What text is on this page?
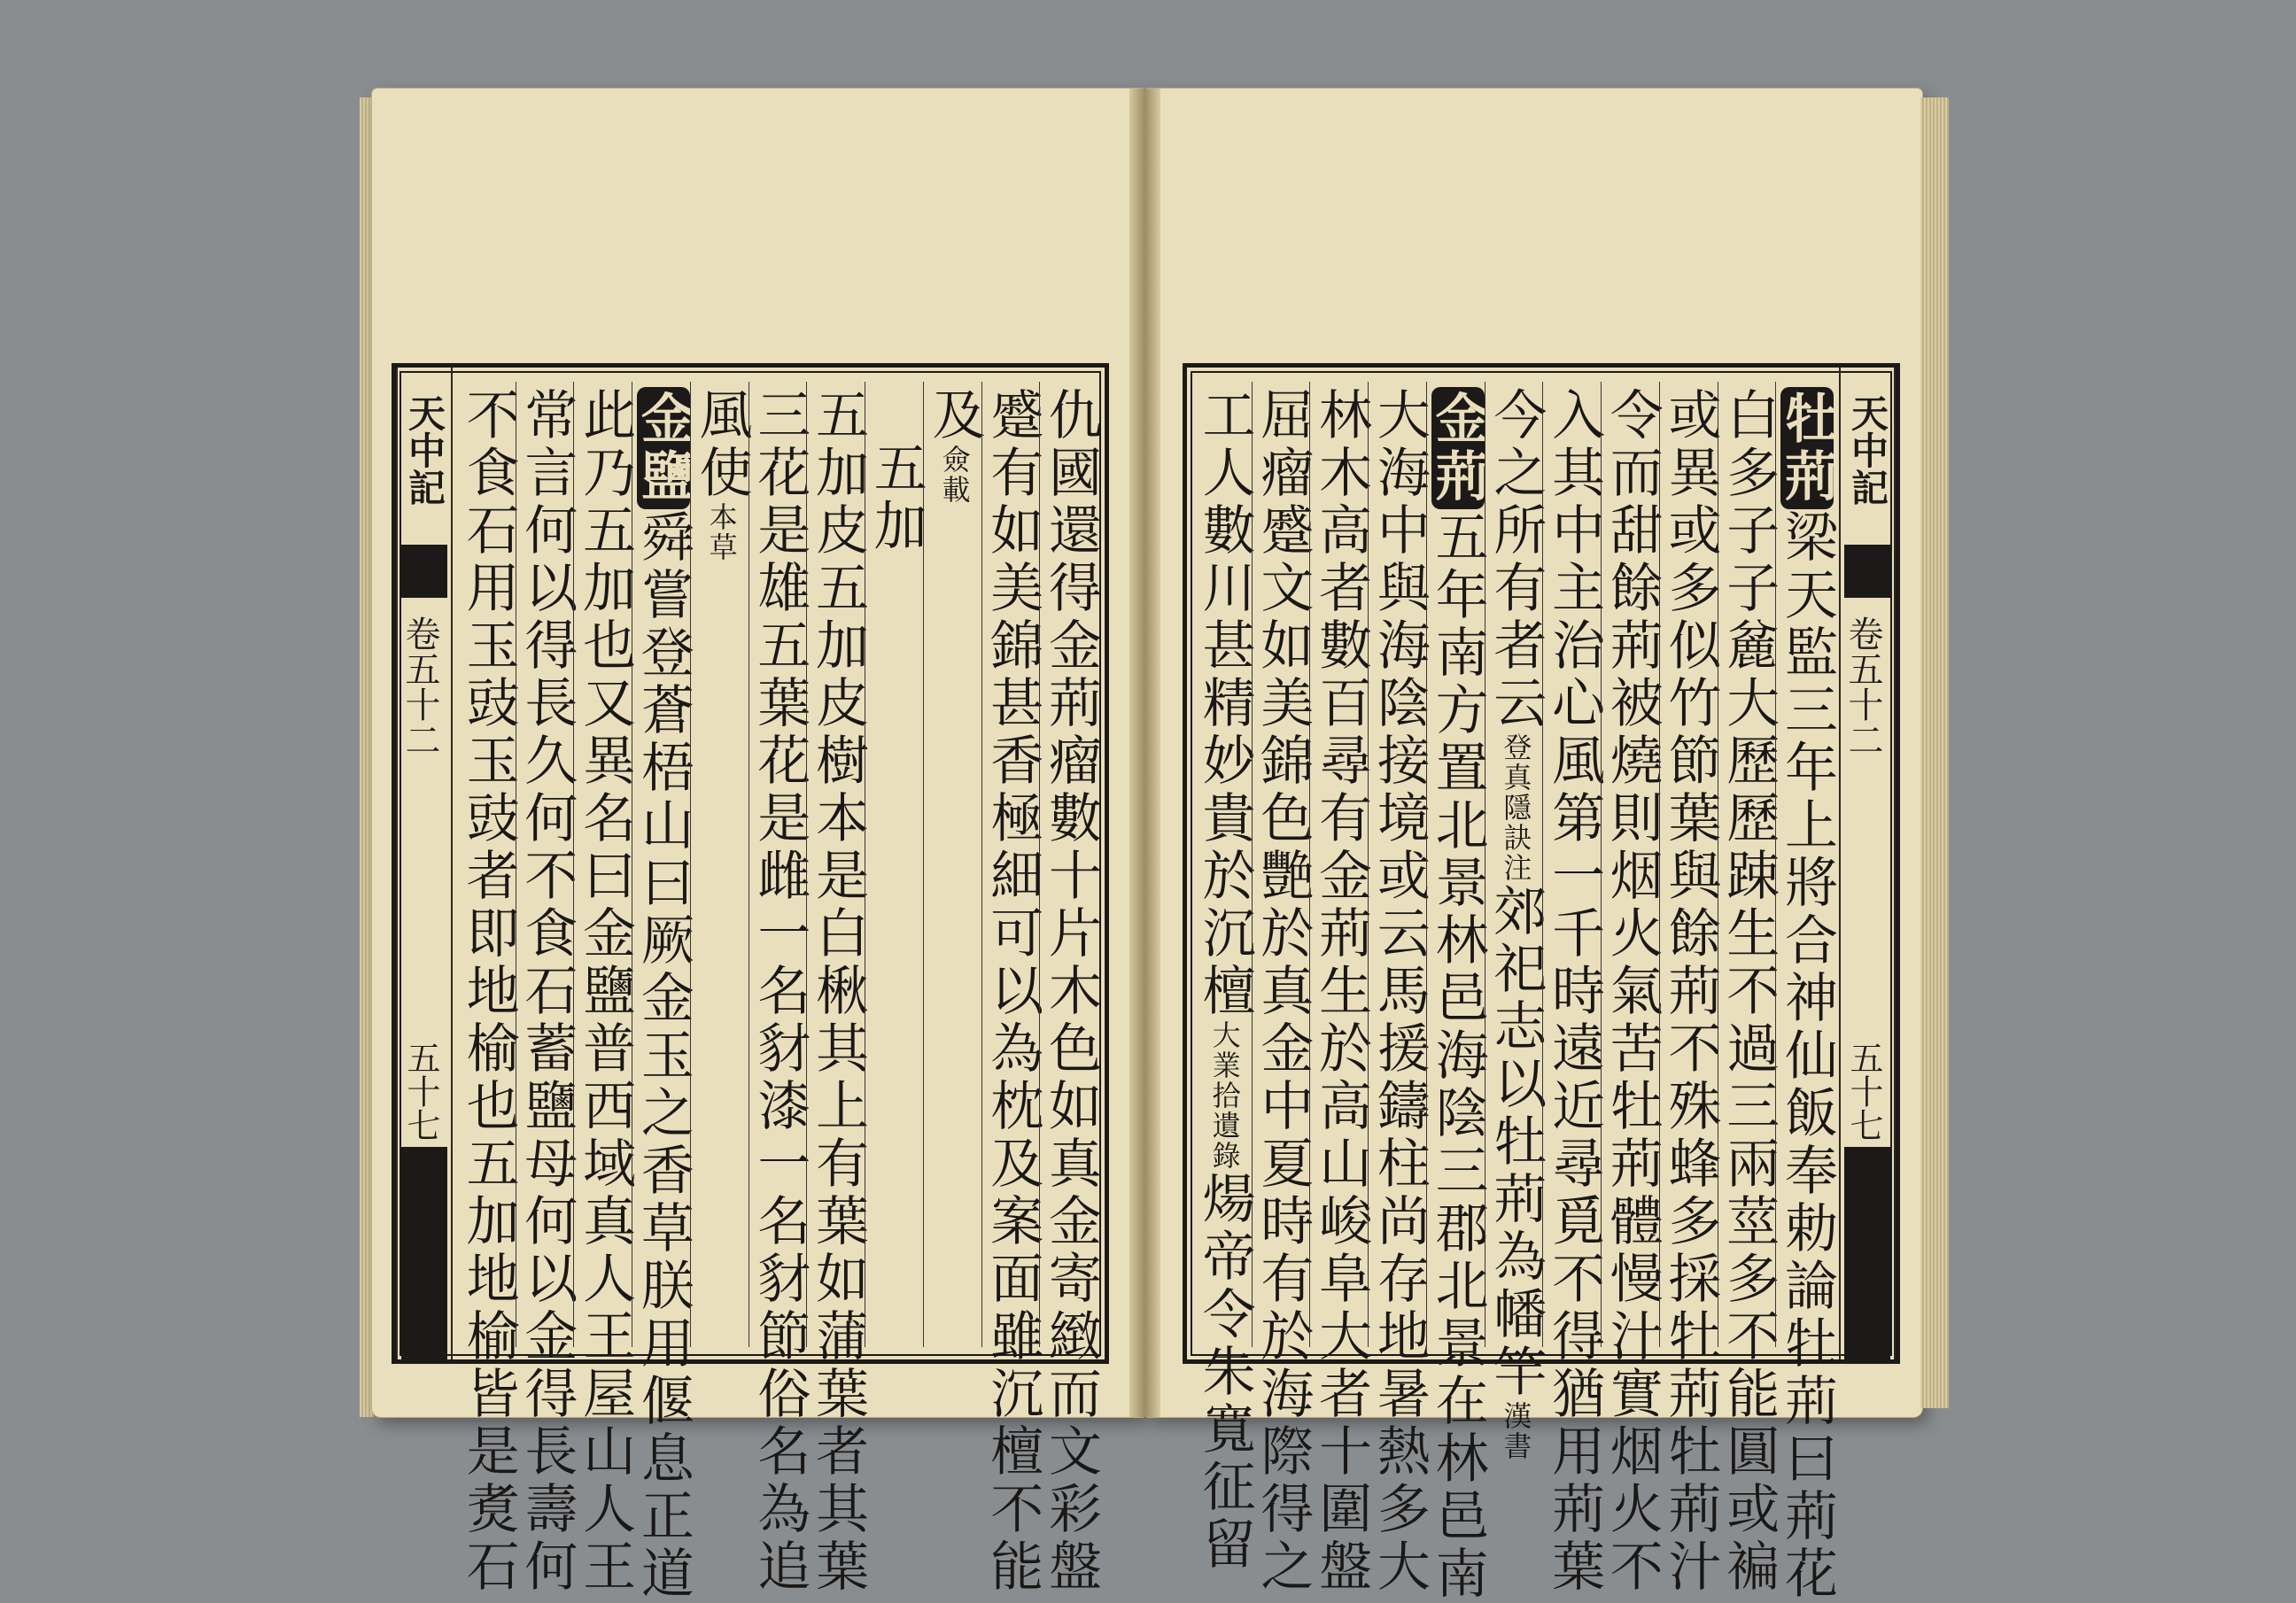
天中記
卷五十二
五十七	仇國還得金荊瘤數十片木色如真金寄緻而文彩盤
蹙有如美錦甚香極細可以為枕及案面雖沉檀不能
及僉載
五加
五加皮五加皮樹本是白楸其上有葉如蒲葉者其葉
三花是雄五葉花是雌一名豺漆一名豺節俗名為追
風使本草
金鹽舜嘗登蒼梧山曰厥金玉之香草朕用偃息正道
此乃五加也又異名曰金鹽普西域真人王屋山人王
常言何以得長久何不食石蓄鹽母何以金得長壽何
不食石用玉豉玉豉者即地榆也五加地榆皆是煑石	天中記
卷五十二
五十七
牡荊梁天監三年上將合神仙飯奉勅論牡荊曰荊花
白多子子麄大歷歷踈生不過三兩莖多不能圓或褊
或異或多似竹節葉與餘荊不殊蜂多採牡荊牡荊汁
令而甜餘荊被燒則烟火氣苦牡荊體慢汁實烟火不
入其中主治心風第一千時遠近尋覓不得猶用荊葉
今之所有者云登真隱訣注郊祀志以牡荊為幡竿漢書
金荊五年南方置北景林邑海陰三郡北景在林邑南
大海中與海陰接境或云馬援鑄柱尚存地暑熱多大
林木高者數百尋有金荊生於高山峻阜大者十圍盤
屈瘤蹙文如美錦色艷於真金中夏時有於海際得之
工人數川甚精妙貴於沉檀大業拾遺錄煬帝令朱寬征留
